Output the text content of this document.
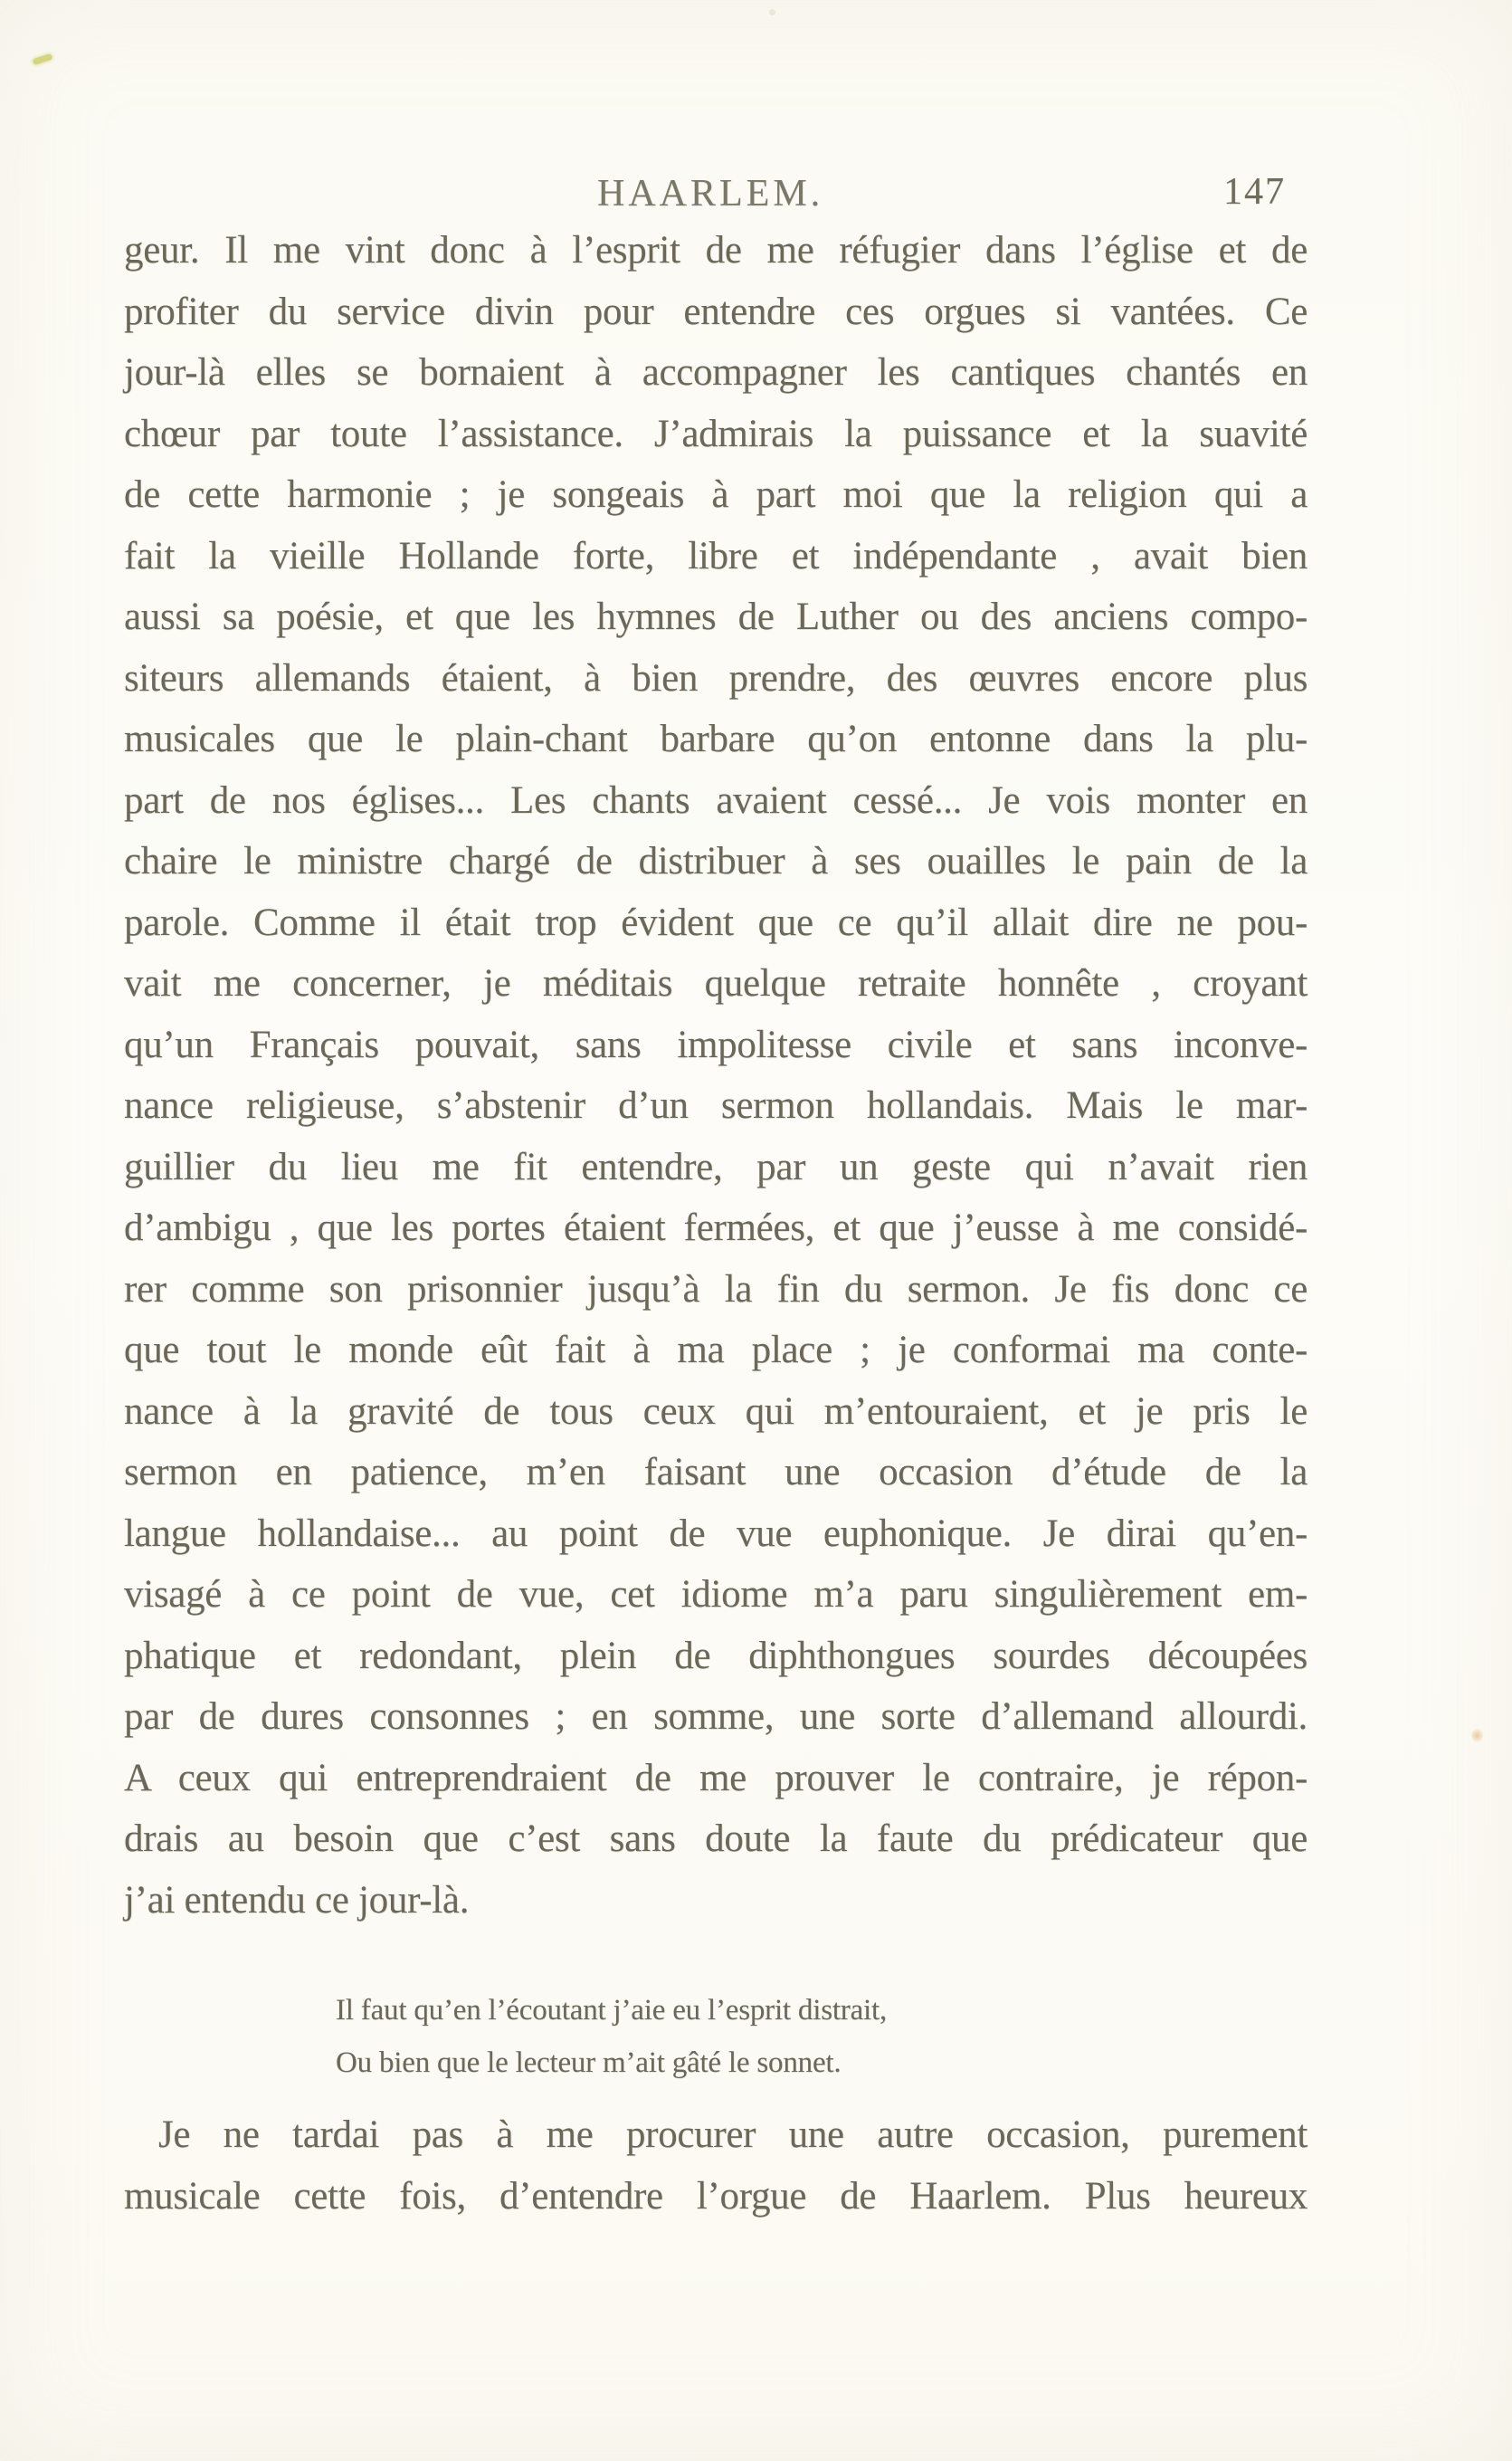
HAARLEM.	147
geur. Il me vint donc à l’esprit de me réfugier dans l’église et de
profiter du service divin pour entendre ces orgues si vantées. Ce
jour-là elles se bornaient à accompagner les cantiques chantés en
chœur par toute l’assistance. J’admirais la puissance et la suavité
de cette harmonie ; je songeais à part moi que la religion qui a
fait la vieille Hollande forte, libre et indépendante , avait bien
aussi sa poésie, et que les hymnes de Luther ou des anciens compo-
siteurs allemands étaient, à bien prendre, des œuvres encore plus
musicales que le plain-chant barbare qu’on entonne dans la plu-
part de nos églises... Les chants avaient cessé... Je vois monter en
chaire le ministre chargé de distribuer à ses ouailles le pain de la
parole. Comme il était trop évident que ce qu’il allait dire ne pou-
vait me concerner, je méditais quelque retraite honnête , croyant
qu’un Français pouvait, sans impolitesse civile et sans inconve-
nance religieuse, s’abstenir d’un sermon hollandais. Mais le mar-
guillier du lieu me fit entendre, par un geste qui n’avait rien
d’ambigu , que les portes étaient fermées, et que j’eusse à me considé-
rer comme son prisonnier jusqu’à la fin du sermon. Je fis donc ce
que tout le monde eût fait à ma place ; je conformai ma conte-
nance à la gravité de tous ceux qui m’entouraient, et je pris le
sermon en patience, m’en faisant une occasion d’étude de la
langue hollandaise... au point de vue euphonique. Je dirai qu’en-
visagé à ce point de vue, cet idiome m’a paru singulièrement em-
phatique et redondant, plein de diphthongues sourdes découpées
par de dures consonnes ; en somme, une sorte d’allemand allourdi.
A ceux qui entreprendraient de me prouver le contraire, je répon-
drais au besoin que c’est sans doute la faute du prédicateur que
j’ai entendu ce jour-là.
Il faut qu’en l’écoutant j’aie eu l’esprit distrait,
Ou bien que le lecteur m’ait gâté le sonnet.
Je ne tardai pas à me procurer une autre occasion, purement
musicale cette fois, d’entendre l’orgue de Haarlem. Plus heureux
